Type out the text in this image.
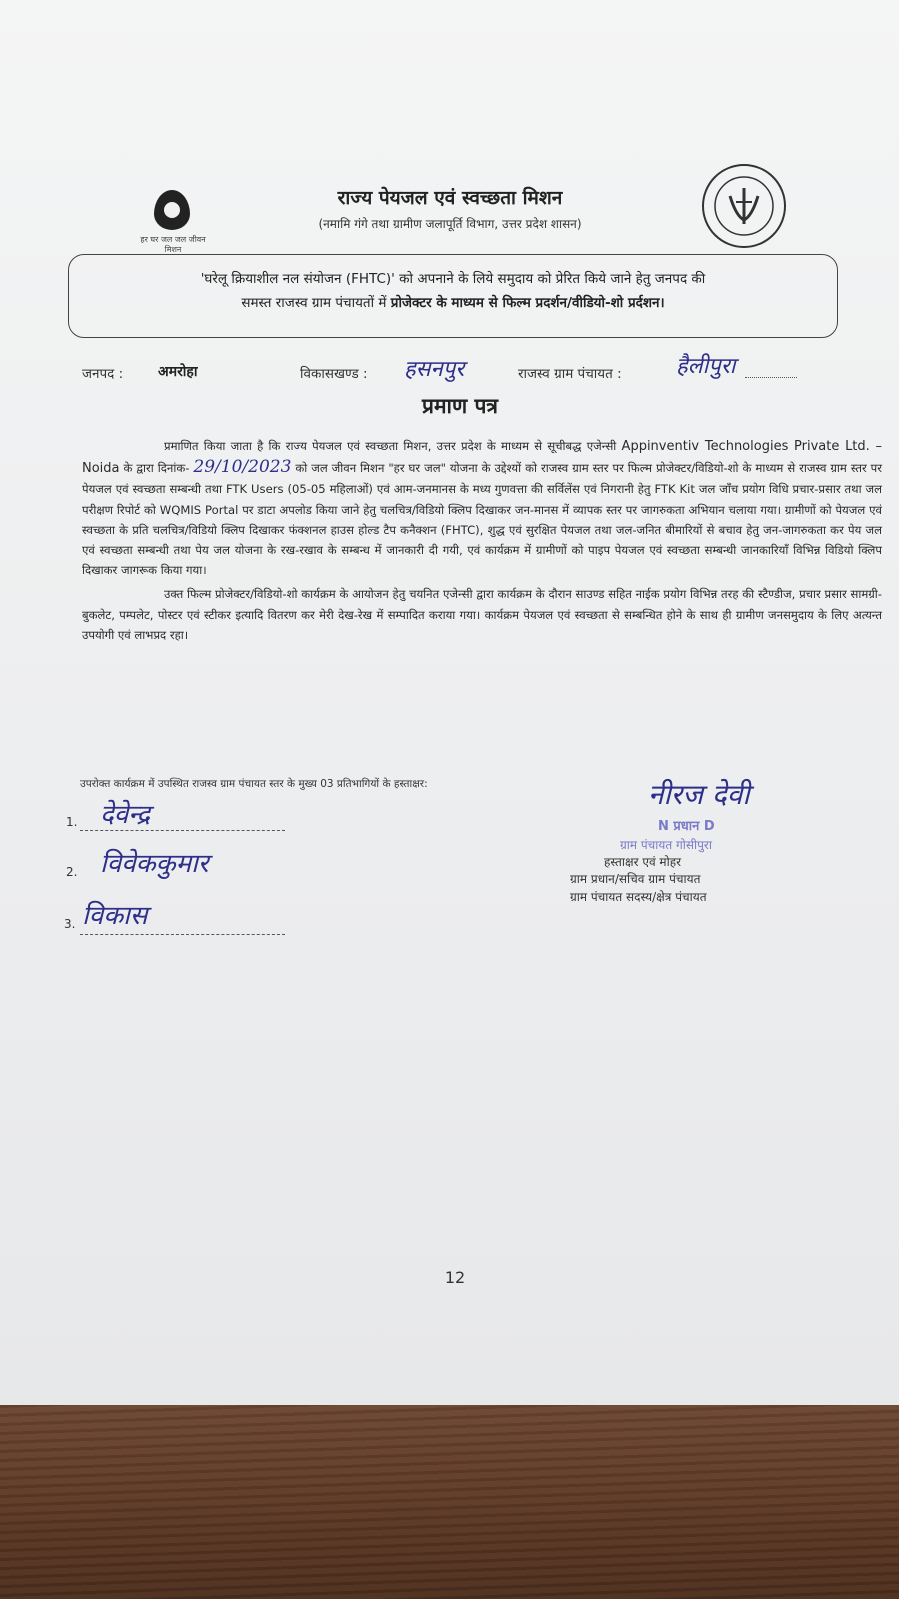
हर घर जल जल जीवन मिशन
राज्य पेयजल एवं स्वच्छता मिशन
(नमामि गंगे तथा ग्रामीण जलापूर्ति विभाग, उत्तर प्रदेश शासन)
'घरेलू क्रियाशील नल संयोजन (FHTC)' को अपनाने के लिये समुदाय को प्रेरित किये जाने हेतु जनपद की
समस्त राजस्व ग्राम पंचायतों में प्रोजेक्टर के माध्यम से फिल्म प्रदर्शन/वीडियो-शो प्रर्दशन।
जनपद : अमरोहा	विकासखण्ड : हसनपुर	राजस्व ग्राम पंचायत : हैलीपुरा
प्रमाण पत्र

प्रमाणित किया जाता है कि राज्य पेयजल एवं स्वच्छता मिशन, उत्तर प्रदेश के माध्यम से सूचीबद्ध एजेन्सी Appinventiv Technologies Private Ltd. – Noida के द्वारा दिनांक- 29/10/2023 को जल जीवन मिशन "हर घर जल" योजना के उद्देश्यों को राजस्व ग्राम स्तर पर फिल्म प्रोजेक्टर/विडियो-शो के माध्यम से राजस्व ग्राम स्तर पर पेयजल एवं स्वच्छता सम्बन्धी तथा FTK Users (05-05 महिलाओं) एवं आम-जनमानस के मध्य गुणवत्ता की सर्विलेंस एवं निगरानी हेतु FTK Kit जल जाँच प्रयोग विधि प्रचार-प्रसार तथा जल परीक्षण रिपोर्ट को WQMIS Portal पर डाटा अपलोड किया जाने हेतु चलचित्र/विडियो क्लिप दिखाकर जन-मानस में व्यापक स्तर पर जागरुकता अभियान चलाया गया। ग्रामीणों को पेयजल एवं स्वच्छता के प्रति चलचित्र/विडियो क्लिप दिखाकर फंक्शनल हाउस होल्ड टैप कनैक्शन (FHTC), शुद्ध एवं सुरक्षित पेयजल तथा जल-जनित बीमारियों से बचाव हेतु जन-जागरुकता कर पेय जल एवं स्वच्छता सम्बन्धी तथा पेय जल योजना के रख-रखाव के सम्बन्ध में जानकारी दी गयी, एवं कार्यक्रम में ग्रामीणों को पाइप पेयजल एवं स्वच्छता सम्बन्धी जानकारियाँ विभिन्न विडियो क्लिप दिखाकर जागरूक किया गया।

उक्त फिल्म प्रोजेक्टर/विडियो-शो कार्यक्रम के आयोजन हेतु चयनित एजेन्सी द्वारा कार्यक्रम के दौरान साउण्ड सहित नाईक प्रयोग विभिन्न तरह की स्टैण्डीज, प्रचार प्रसार सामग्री-बुकलेट, पम्पलेट, पोस्टर एवं स्टीकर इत्यादि वितरण कर मेरी देख-रेख में सम्पादित कराया गया। कार्यक्रम पेयजल एवं स्वच्छता से सम्बन्धित होने के साथ ही ग्रामीण जनसमुदाय के लिए अत्यन्त उपयोगी एवं लाभप्रद रहा।

उपरोक्त कार्यक्रम में उपस्थित राजस्व ग्राम पंचायत स्तर के मुख्य 03 प्रतिभागियों के हस्ताक्षर:
1. देवेन्द्र
2. विवेककुमार
3. विकास
नीरज देवी
N प्रधान D
ग्राम पंचायत गोसीपुरा
हस्ताक्षर एवं मोहर
ग्राम प्रधान/सचिव ग्राम पंचायत
ग्राम पंचायत सदस्य/क्षेत्र पंचायत
12
